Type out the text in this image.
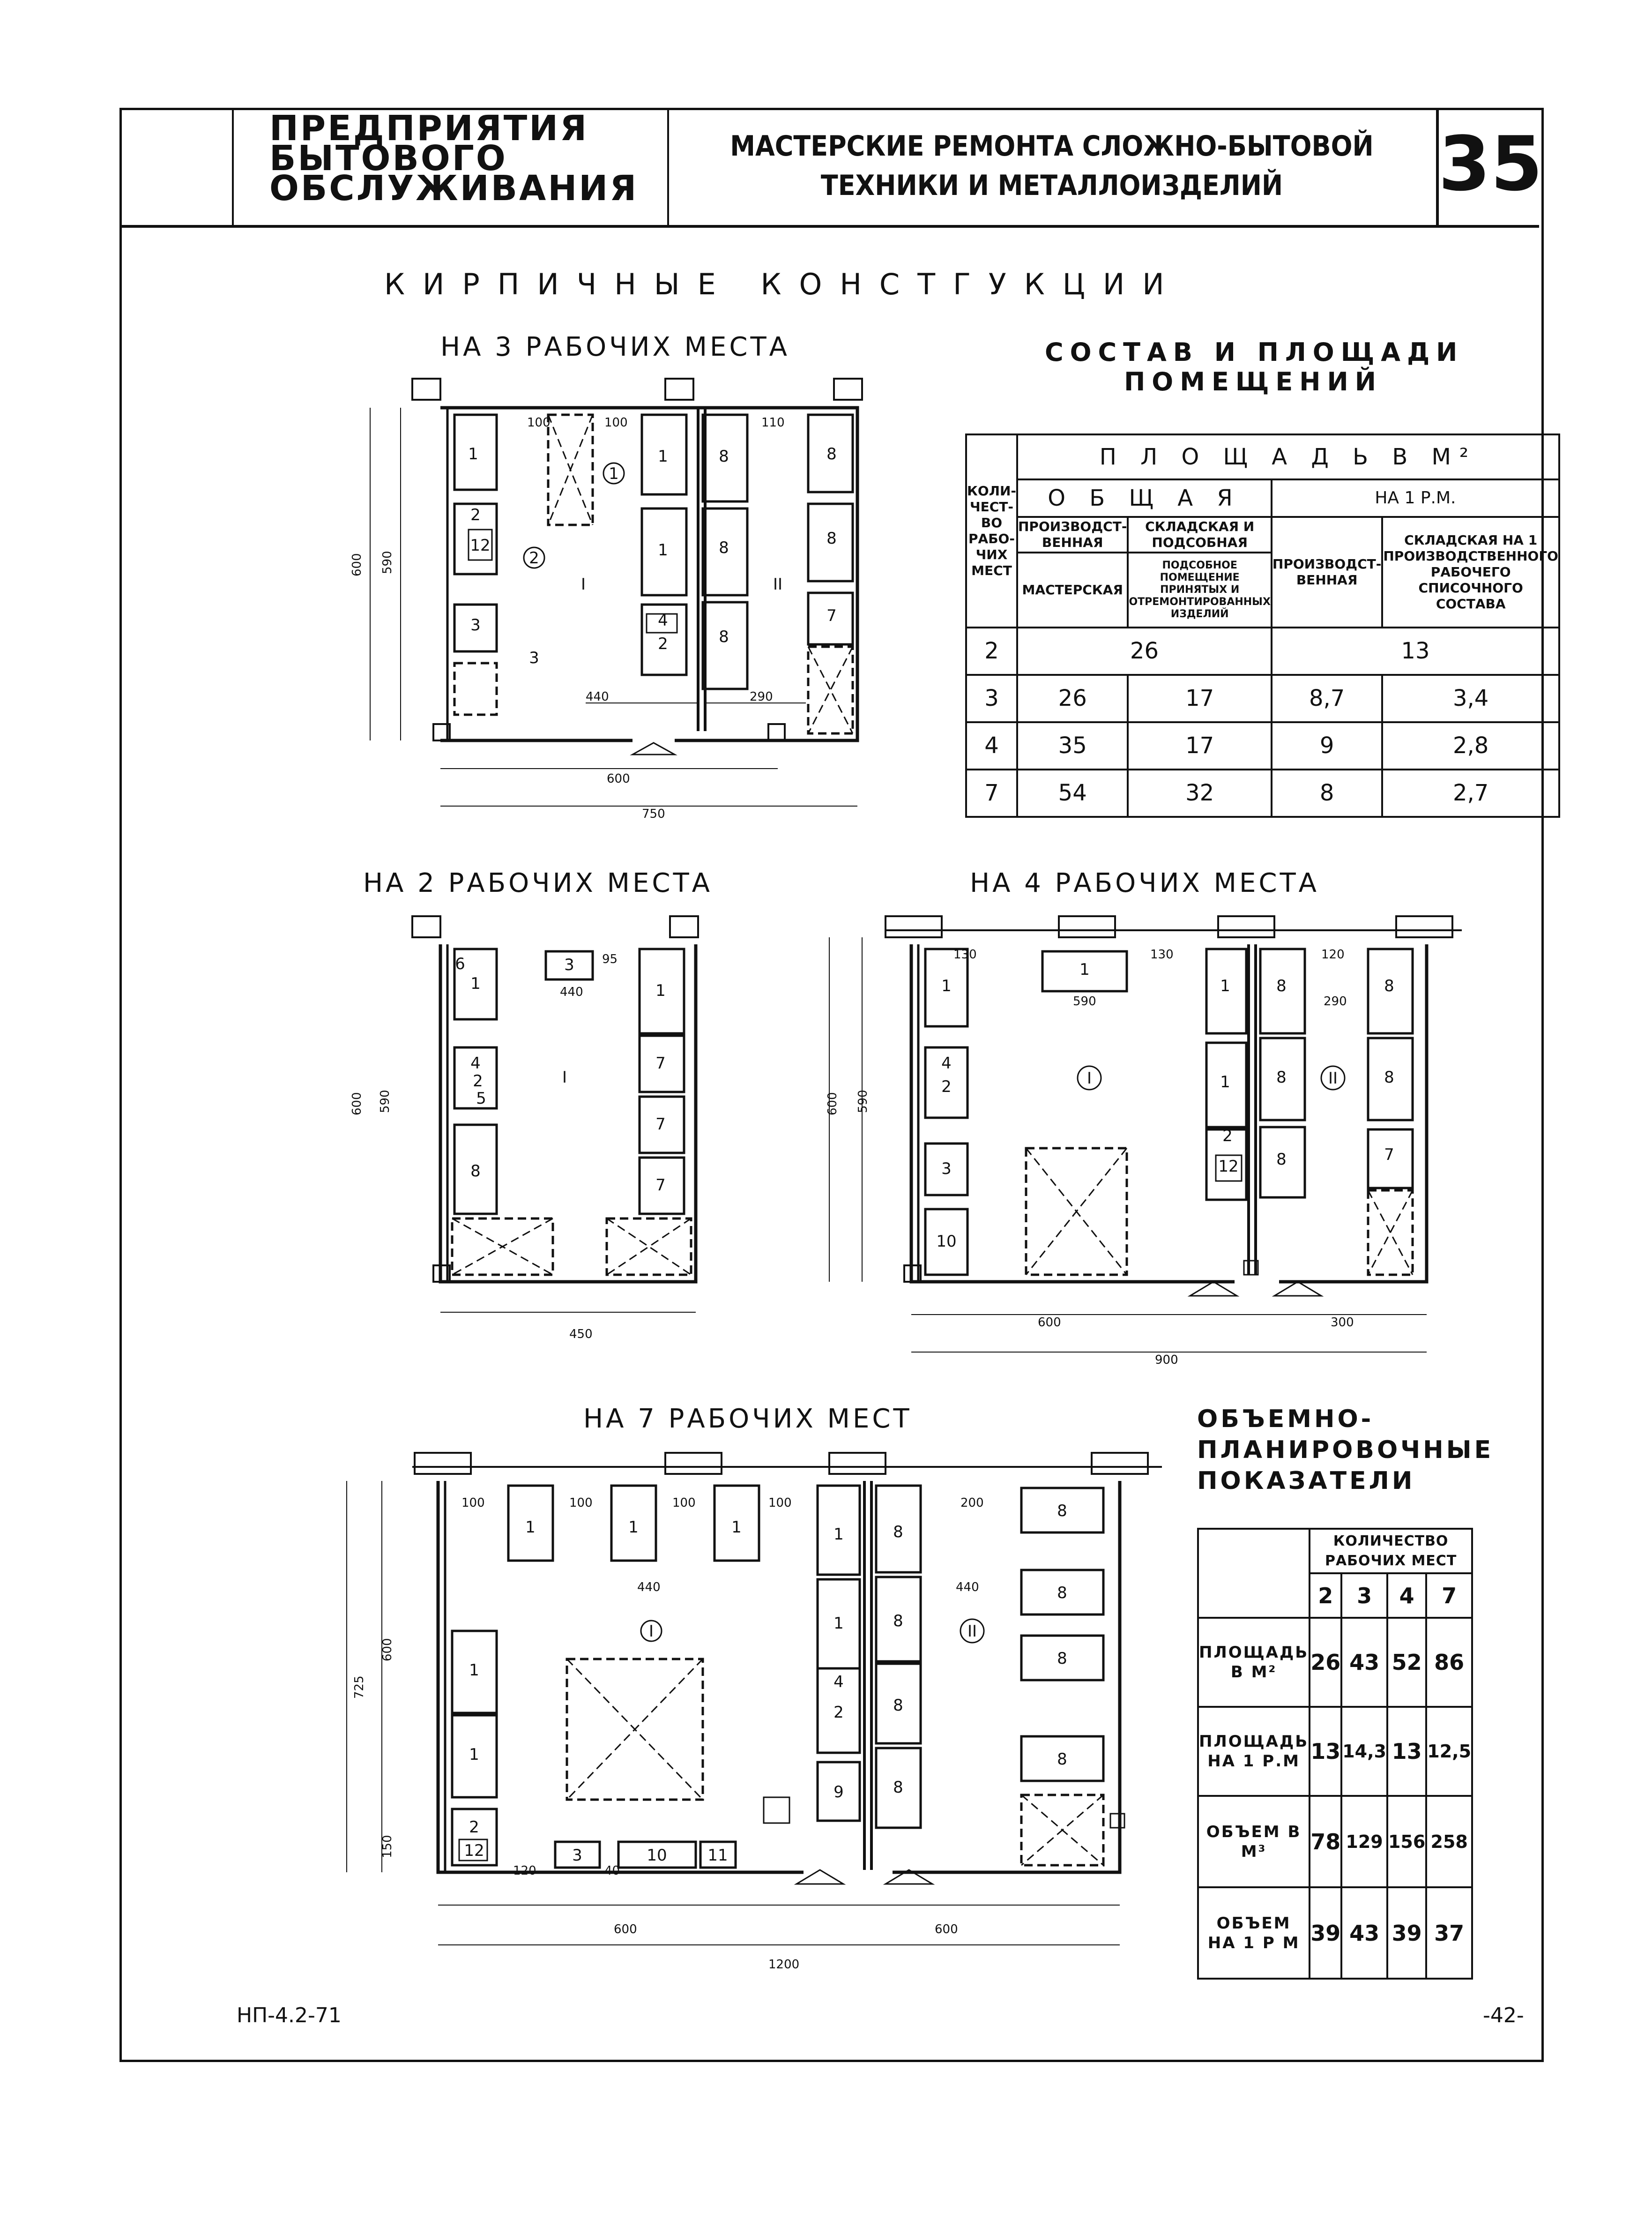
ПРЕДПРИЯТИЯ БЫТОВОГО ОБСЛУЖИВАНИЯ
МАСТЕРСКИЕ РЕМОНТА СЛОЖНО-БЫТОВОЙ
ТЕХНИКИ И МЕТАЛЛОИЗДЕЛИЙ	35
КИРПИЧНЫЕ КОНСТГУКЦИИ
НА 3 РАБОЧИХ МЕСТА
НА 2 РАБОЧИХ МЕСТА	НА 4 РАБОЧИХ МЕСТА
НА 7 РАБОЧИХ МЕСТ
1
2
12
3
1
1
4
2
8
8
8
8
8
7
1
2
I	II
3
100	100	110
440	290
600
750
600 590
6
1
4
2
5
8
3
440
95
1
7
7
7
I
450
600 590
1
1
4
2
3
10
1
1
2
12
8
8
8
8
8
7
I	II
130	130	120
590	290
600	300
900
600 590
1	1	1	1
1
4
2
9
8
8
8
8
8
8
8
8
1
1
2
12	3	10	11
I	II
100	100	100	100	200
440	440
120	40
600	600
1200
725
600
150
СОСТАВ И ПЛОЩАДИ
ПОМЕЩЕНИЙ
КОЛИ-ЧЕСТ-ВО РАБО-ЧИХ МЕСТ	П Л О Щ А Д Ь В М²			
	О Б Щ А Я		НА 1 Р.М.	
	ПРОИЗВОДСТ-ВЕННАЯ	СКЛАДСКАЯ И ПОДСОБНАЯ	ПРОИЗВОДСТ-ВЕННАЯ	СКЛАДСКАЯ НА 1 ПРОИЗВОДСТВЕННОГО РАБОЧЕГО СПИСОЧНОГО СОСТАВА
	МАСТЕРСКАЯ	ПОДСОБНОЕ ПОМЕЩЕНИЕ ПРИНЯТЫХ И ОТРЕМОНТИРОВАННЫХ ИЗДЕЛИЙ		
2	26		13	
3	26	17	8,7	3,4
4	35	17	9	2,8
7	54	32	8	2,7
ОБЪЕМНО-
ПЛАНИРОВОЧНЫЕ
ПОКАЗАТЕЛИ
	КОЛИЧЕСТВО РАБОЧИХ МЕСТ			
	2	3	4	7
ПЛОЩАДЬ В М²	26	43	52	86
ПЛОЩАДЬ НА 1 Р.М	13	14,3	13	12,5
ОБЪЕМ В М³	78	129	156	258
ОБЪЕМ НА 1 Р М	39	43	39	37
НП-4.2-71	-42-
